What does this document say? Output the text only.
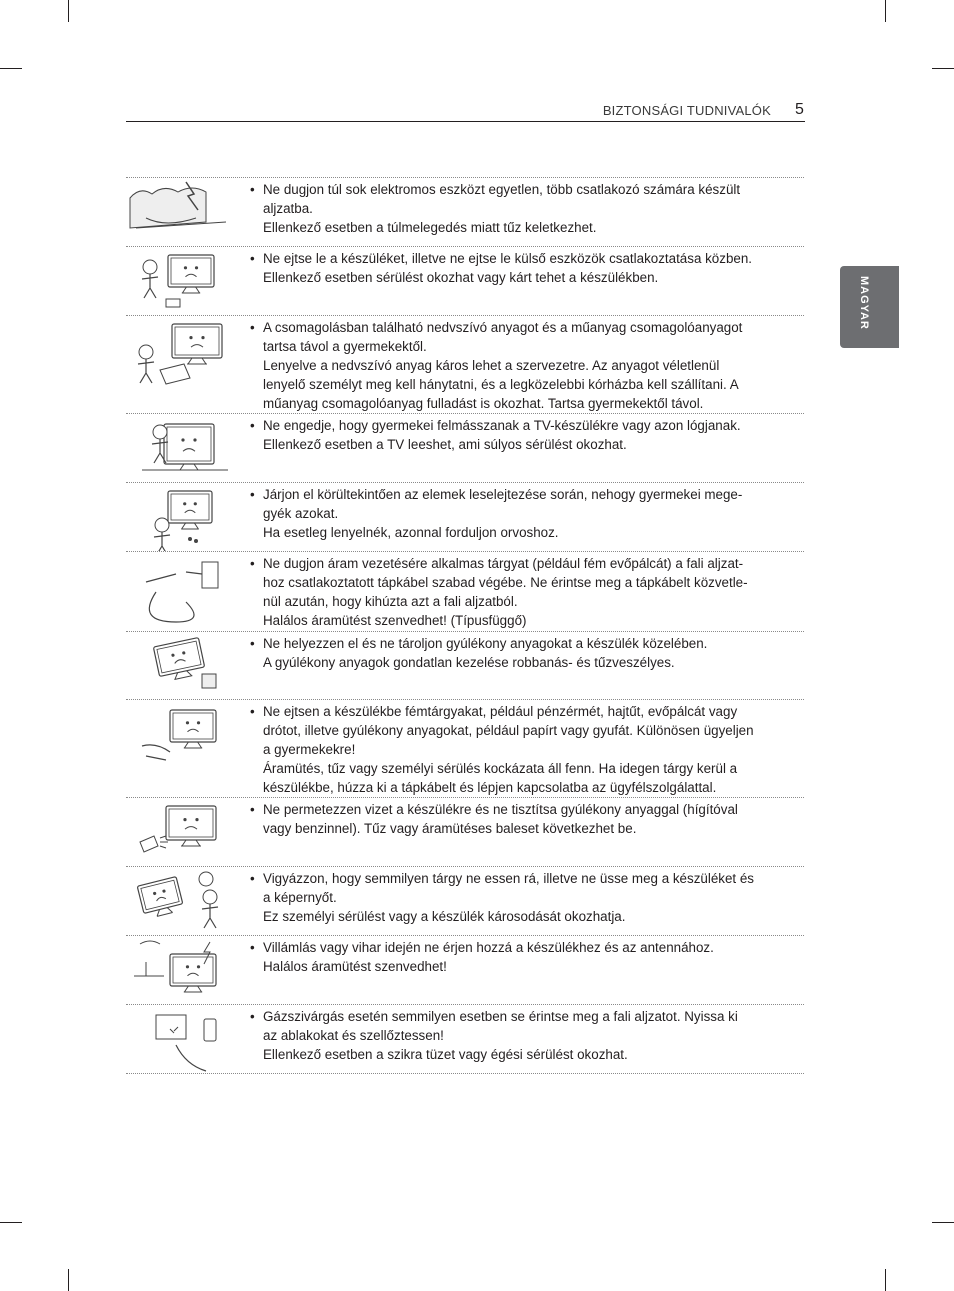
BIZTONSÁGI TUDNIVALÓK 5
MAGYAR
• Ne dugjon túl sok elektromos eszközt egyetlen, több csatlakozó számára készült

aljzatba.

Ellenkező esetben a túlmelegedés miatt tűz keletkezhet.

• Ne ejtse le a készüléket, illetve ne ejtse le külső eszközök csatlakoztatása közben.

Ellenkező esetben sérülést okozhat vagy kárt tehet a készülékben.

• A csomagolásban található nedvszívó anyagot és a műanyag csomagolóanyagot

tartsa távol a gyermekektől.

Lenyelve a nedvszívó anyag káros lehet a szervezetre. Az anyagot véletlenül

lenyelő személyt meg kell hánytatni, és a legközelebbi kórházba kell szállítani. A

műanyag csomagolóanyag fulladást is okozhat. Tartsa gyermekektől távol.

• Ne engedje, hogy gyermekei felmásszanak a TV-készülékre vagy azon lógjanak.

Ellenkező esetben a TV leeshet, ami súlyos sérülést okozhat.

• Járjon el körültekintően az elemek leselejtezése során, nehogy gyermekei mege-

gyék azokat.

Ha esetleg lenyelnék, azonnal forduljon orvoshoz.

• Ne dugjon áram vezetésére alkalmas tárgyat (például fém evőpálcát) a fali aljzat-

hoz csatlakoztatott tápkábel szabad végébe. Ne érintse meg a tápkábelt közvetle-

nül azután, hogy kihúzta azt a fali aljzatból.

Halálos áramütést szenvedhet! (Típusfüggő)

• Ne helyezzen el és ne tároljon gyúlékony anyagokat a készülék közelében.

A gyúlékony anyagok gondatlan kezelése robbanás- és tűzveszélyes.

• Ne ejtsen a készülékbe fémtárgyakat, például pénzérmét, hajtűt, evőpálcát vagy

drótot, illetve gyúlékony anyagokat, például papírt vagy gyufát. Különösen ügyeljen

a gyermekekre!

Áramütés, tűz vagy személyi sérülés kockázata áll fenn. Ha idegen tárgy kerül a

készülékbe, húzza ki a tápkábelt és lépjen kapcsolatba az ügyfélszolgálattal.

• Ne permetezzen vizet a készülékre és ne tisztítsa gyúlékony anyaggal (hígítóval

vagy benzinnel). Tűz vagy áramütéses baleset következhet be.

• Vigyázzon, hogy semmilyen tárgy ne essen rá, illetve ne üsse meg a készüléket és

a képernyőt.

Ez személyi sérülést vagy a készülék károsodását okozhatja.

• Villámlás vagy vihar idején ne érjen hozzá a készülékhez és az antennához.

Halálos áramütést szenvedhet!

• Gázszivárgás esetén semmilyen esetben se érintse meg a fali aljzatot. Nyissa ki

az ablakokat és szellőztessen!

Ellenkező esetben a szikra tüzet vagy égési sérülést okozhat.
